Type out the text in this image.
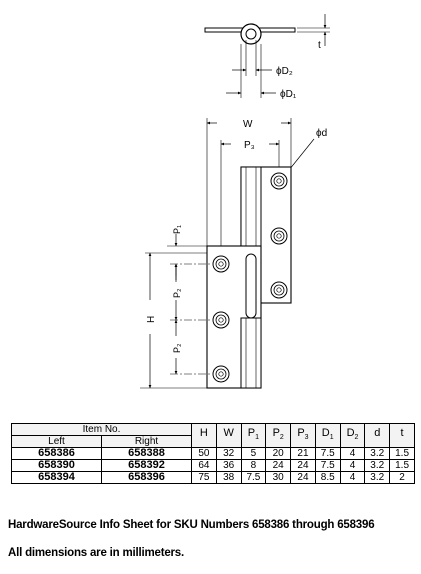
t
ϕD₂
ϕD₁
W
P₃
ϕd
P₁
P₂
P₂
H
Item No.		H	W	$P_1$	$P_2$	$P_3$	$D_1$	$D_2$	d	t
Left	Right									
658386	658388	50	32	5	20	21	7.5	4	3.2	1.5
658390	658392	64	36	8	24	24	7.5	4	3.2	1.5
658394	658396	75	38	7.5	30	24	8.5	4	3.2	2
HardwareSource Info Sheet for SKU Numbers 658386 through 658396
All dimensions are in millimeters.
